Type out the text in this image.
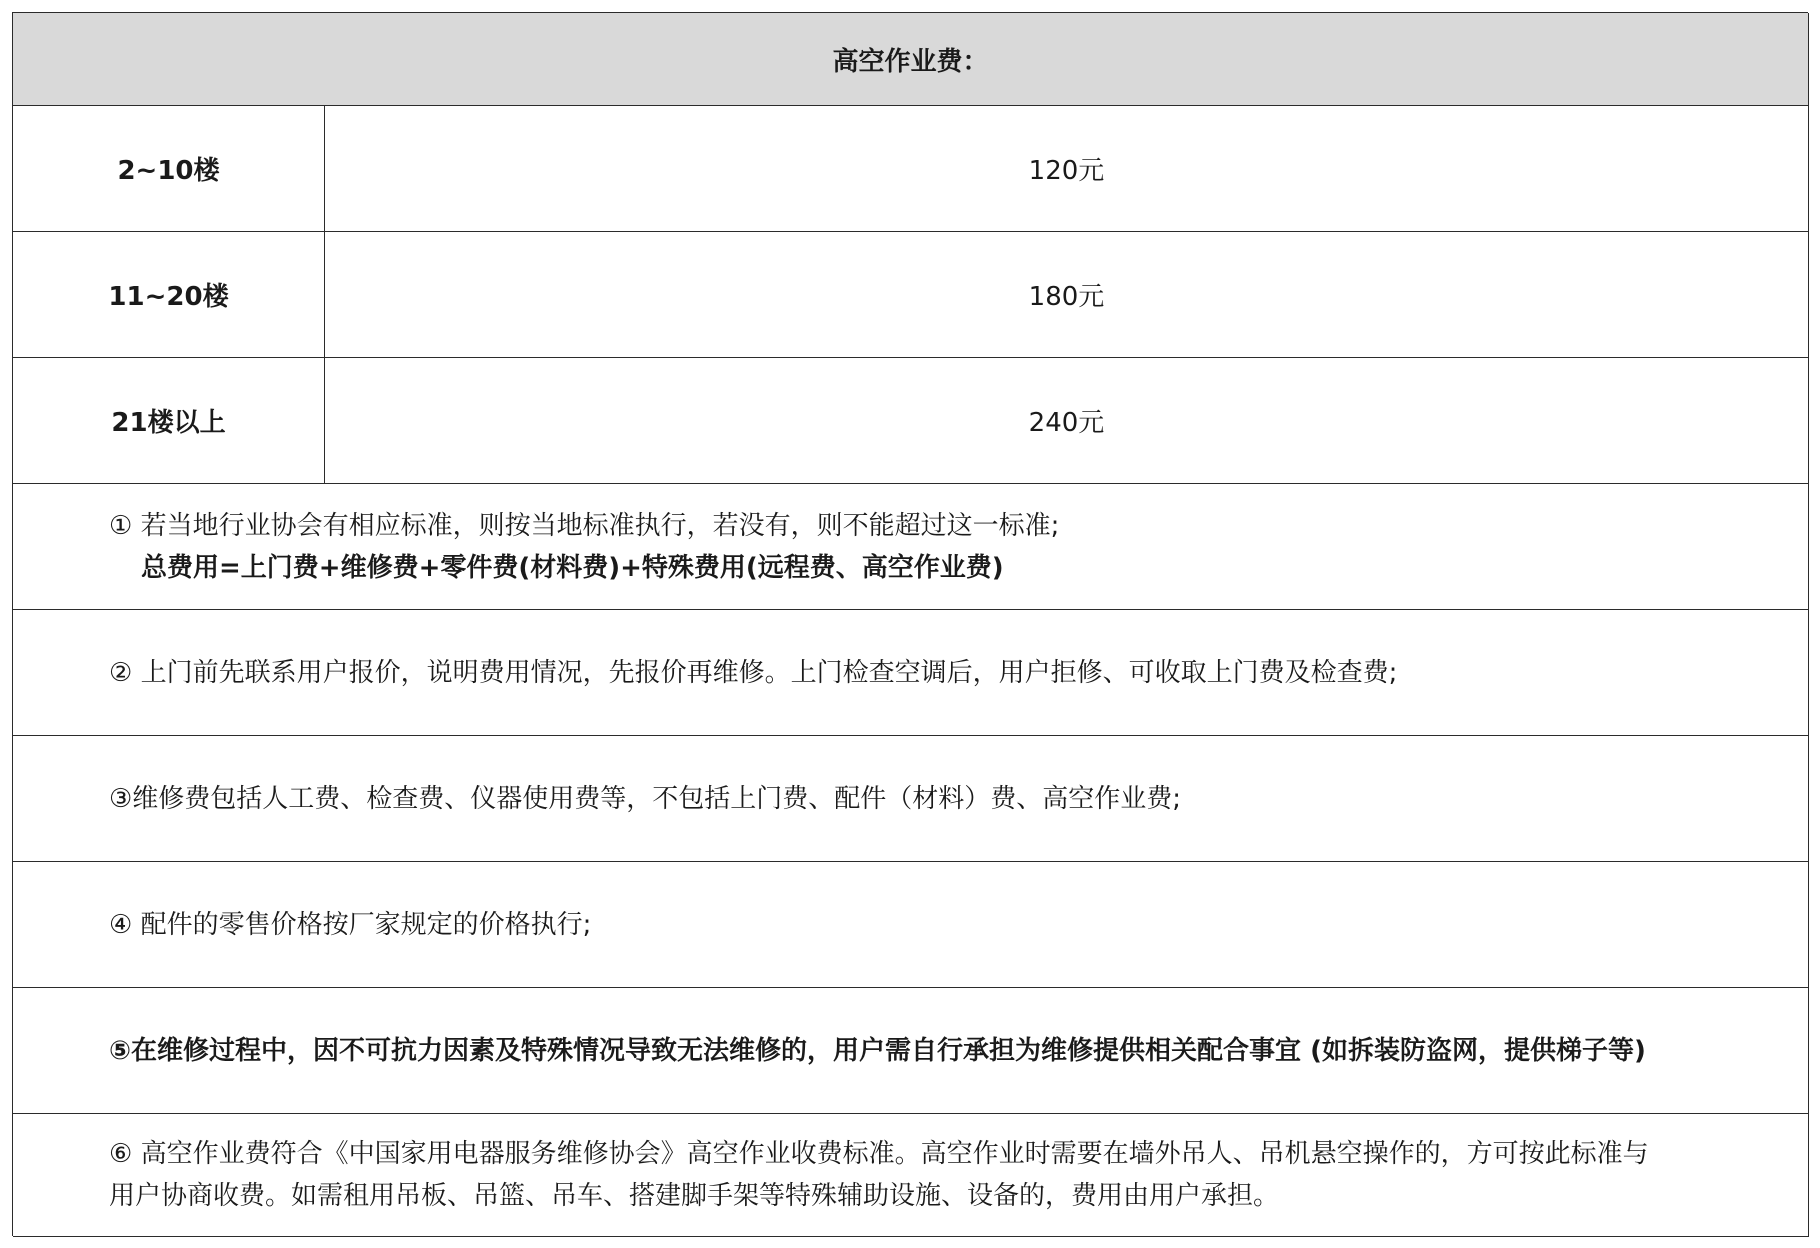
高空作业费：
2~10楼	120元
11~20楼	180元
21楼以上	240元
① 若当地行业协会有相应标准，则按当地标准执行，若没有，则不能超过这一标准;
总费用=上门费+维修费+零件费(材料费)+特殊费用(远程费、高空作业费)
② 上门前先联系用户报价，说明费用情况，先报价再维修。上门检查空调后，用户拒修、可收取上门费及检查费;
③维修费包括人工费、检查费、仪器使用费等，不包括上门费、配件（材料）费、高空作业费;
④ 配件的零售价格按厂家规定的价格执行;
⑤在维修过程中，因不可抗力因素及特殊情况导致无法维修的，用户需自行承担为维修提供相关配合事宜 (如拆装防盗网，提供梯子等)
⑥ 高空作业费符合《中国家用电器服务维修协会》高空作业收费标准。高空作业时需要在墙外吊人、吊机悬空操作的，方可按此标准与
用户协商收费。如需租用吊板、吊篮、吊车、搭建脚手架等特殊辅助设施、设备的，费用由用户承担。
